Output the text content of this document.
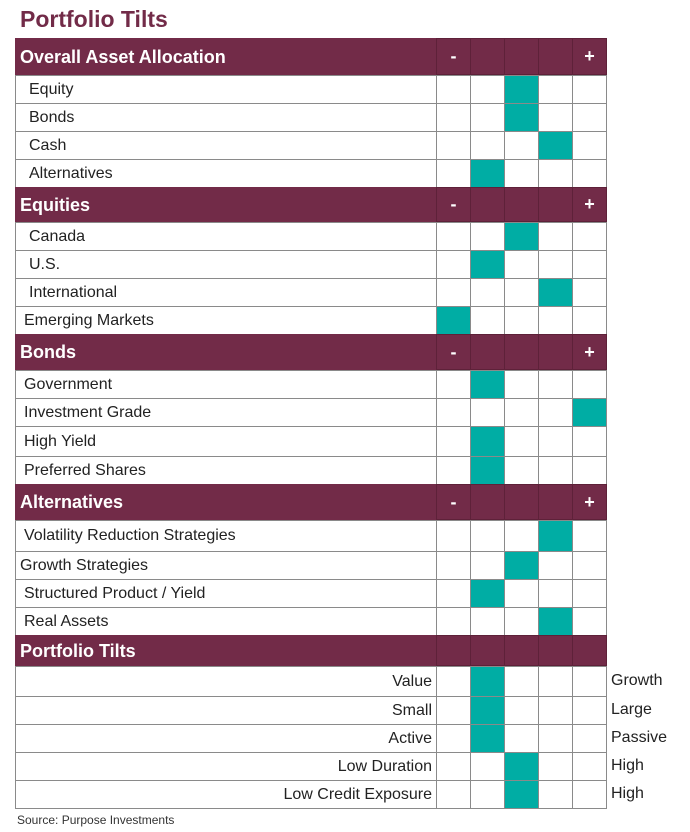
Portfolio Tilts
Overall Asset Allocation	-	+
Equity
Bonds
Cash
Alternatives
Equities	-	+
Canada
U.S.
International
Emerging Markets
Bonds	-	+
Government
Investment Grade
High Yield
Preferred Shares
Alternatives	-	+
Volatility Reduction Strategies
Growth Strategies
Structured Product / Yield
Real Assets
Portfolio Tilts
Value	Growth
Small	Large
Active	Passive
Low Duration	High
Low Credit Exposure	High
Source: Purpose Investments
